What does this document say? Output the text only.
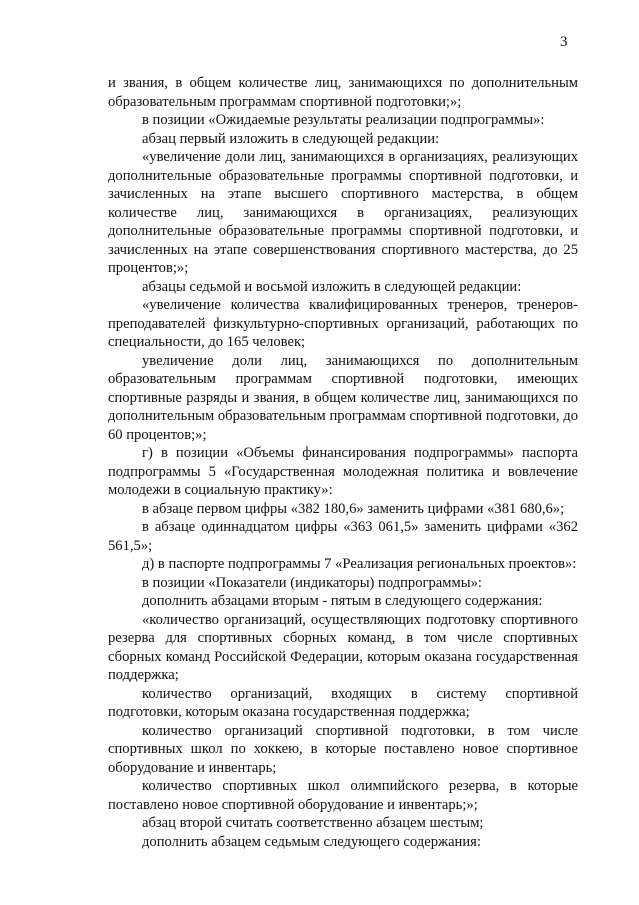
3

и звания, в общем количестве лиц, занимающихся по дополнительным образовательным программам спортивной подготовки;»;

в позиции «Ожидаемые результаты реализации подпрограммы»:

абзац первый изложить в следующей редакции:

«увеличение доли лиц, занимающихся в организациях, реализующих дополнительные образовательные программы спортивной подготовки, и зачисленных на этапе высшего спортивного мастерства, в общем количестве лиц, занимающихся в организациях, реализующих дополнительные образовательные программы спортивной подготовки, и зачисленных на этапе совершенствования спортивного мастерства, до 25 процентов;»;

абзацы седьмой и восьмой изложить в следующей редакции:

«увеличение количества квалифицированных тренеров, тренеров-преподавателей физкультурно-спортивных организаций, работающих по специальности, до 165 человек;

увеличение доли лиц, занимающихся по дополнительным образовательным программам спортивной подготовки, имеющих спортивные разряды и звания, в общем количестве лиц, занимающихся по дополнительным образовательным программам спортивной подготовки, до 60 процентов;»;

г) в позиции «Объемы финансирования подпрограммы» паспорта подпрограммы 5 «Государственная молодежная политика и вовлечение молодежи в социальную практику»:

в абзаце первом цифры «382 180,6» заменить цифрами «381 680,6»;

в абзаце одиннадцатом цифры «363 061,5» заменить цифрами «362 561,5»;

д) в паспорте подпрограммы 7 «Реализация региональных проектов»:

в позиции «Показатели (индикаторы) подпрограммы»:

дополнить абзацами вторым - пятым в следующего содержания:

«количество организаций, осуществляющих подготовку спортивного резерва для спортивных сборных команд, в том числе спортивных сборных команд Российской Федерации, которым оказана государственная поддержка;

количество организаций, входящих в систему спортивной подготовки, которым оказана государственная поддержка;

количество организаций спортивной подготовки, в том числе спортивных школ по хоккею, в которые поставлено новое спортивное оборудование и инвентарь;

количество спортивных школ олимпийского резерва, в которые поставлено новое спортивной оборудование и инвентарь;»;

абзац второй считать соответственно абзацем шестым;

дополнить абзацем седьмым следующего содержания:
